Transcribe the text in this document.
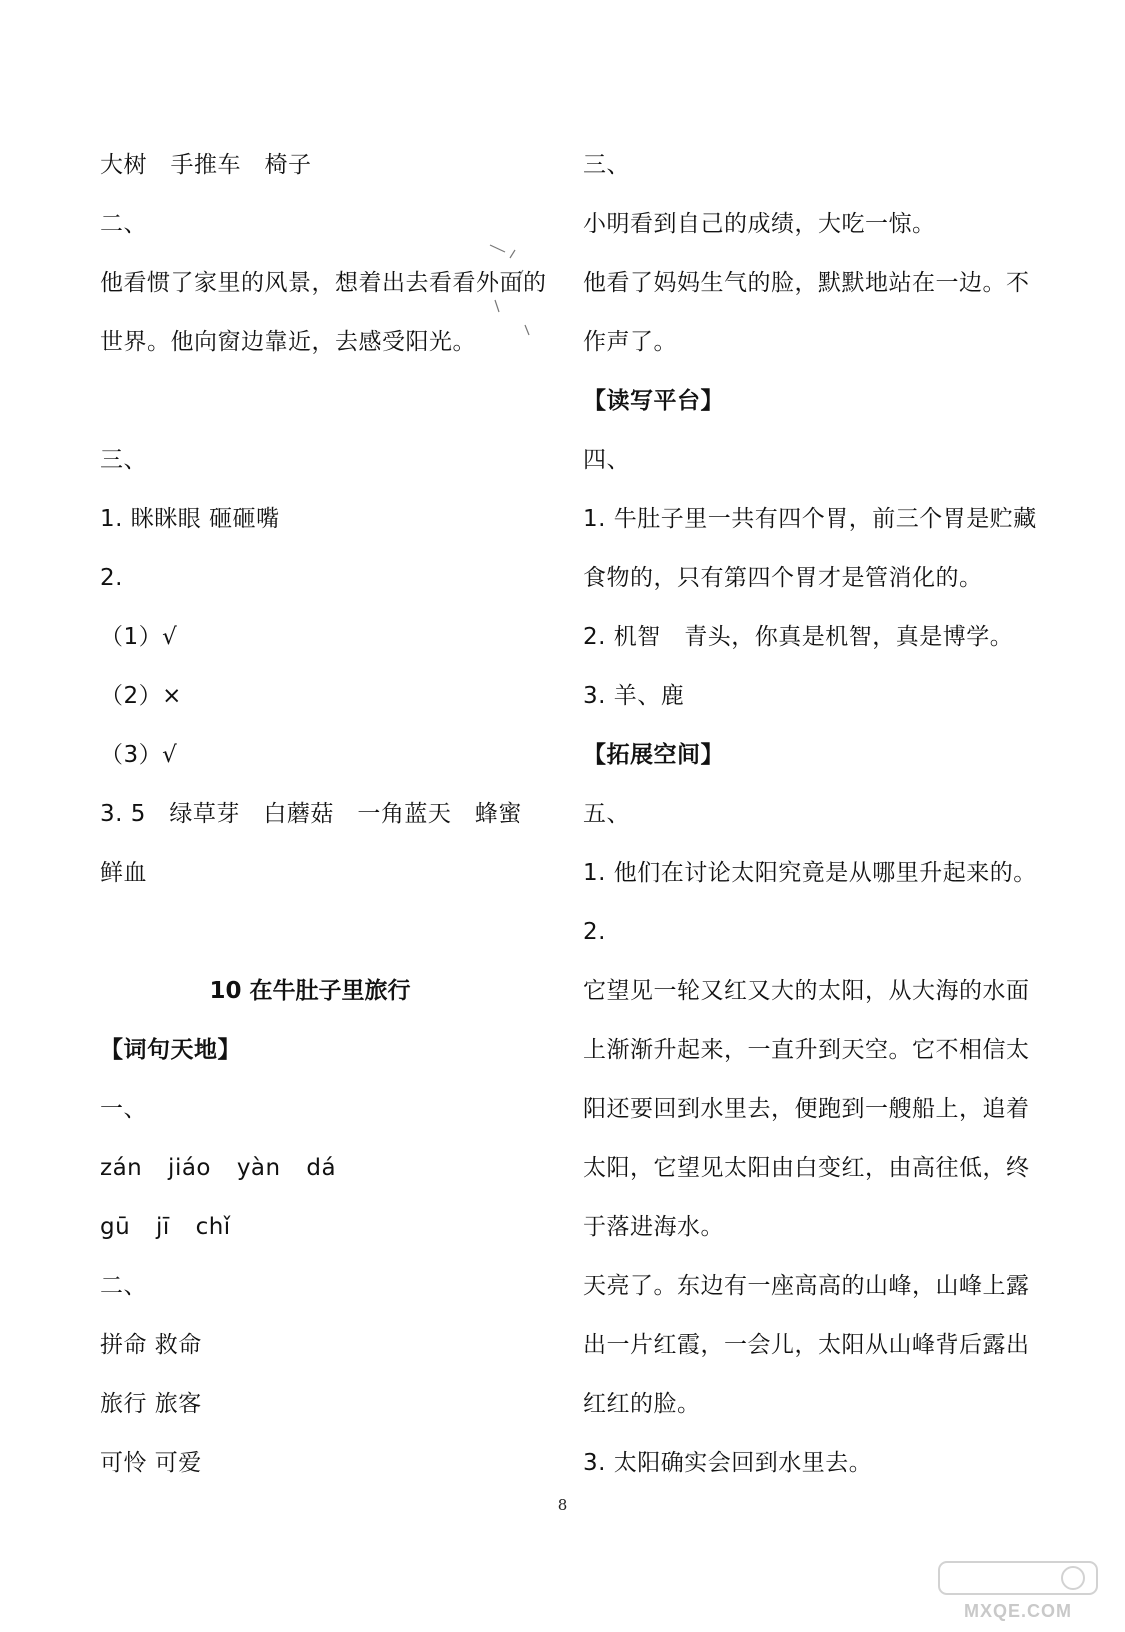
大树　手推车　椅子
二、
他看惯了家里的风景，想着出去看看外面的
世界。他向窗边靠近，去感受阳光。
三、
1. 眯眯眼 砸砸嘴
2.
（1）√
（2）×
（3）√
3. 5　绿草芽　白蘑菇　一角蓝天　蜂蜜
鲜血
10 在牛肚子里旅行
【词句天地】
一、
zán jiáo yàn dá
gū jī chǐ
二、
拼命 救命
旅行 旅客
可怜 可爱
三、
小明看到自己的成绩，大吃一惊。
他看了妈妈生气的脸，默默地站在一边。不
作声了。
【读写平台】
四、
1. 牛肚子里一共有四个胃，前三个胃是贮藏
食物的，只有第四个胃才是管消化的。
2. 机智　青头，你真是机智，真是博学。
3. 羊、鹿
【拓展空间】
五、
1. 他们在讨论太阳究竟是从哪里升起来的。
2.
它望见一轮又红又大的太阳，从大海的水面
上渐渐升起来，一直升到天空。它不相信太
阳还要回到水里去，便跑到一艘船上，追着
太阳，它望见太阳由白变红，由高往低，终
于落进海水。
天亮了。东边有一座高高的山峰，山峰上露
出一片红霞，一会儿，太阳从山峰背后露出
红红的脸。
3. 太阳确实会回到水里去。
8
MXQE.COM
